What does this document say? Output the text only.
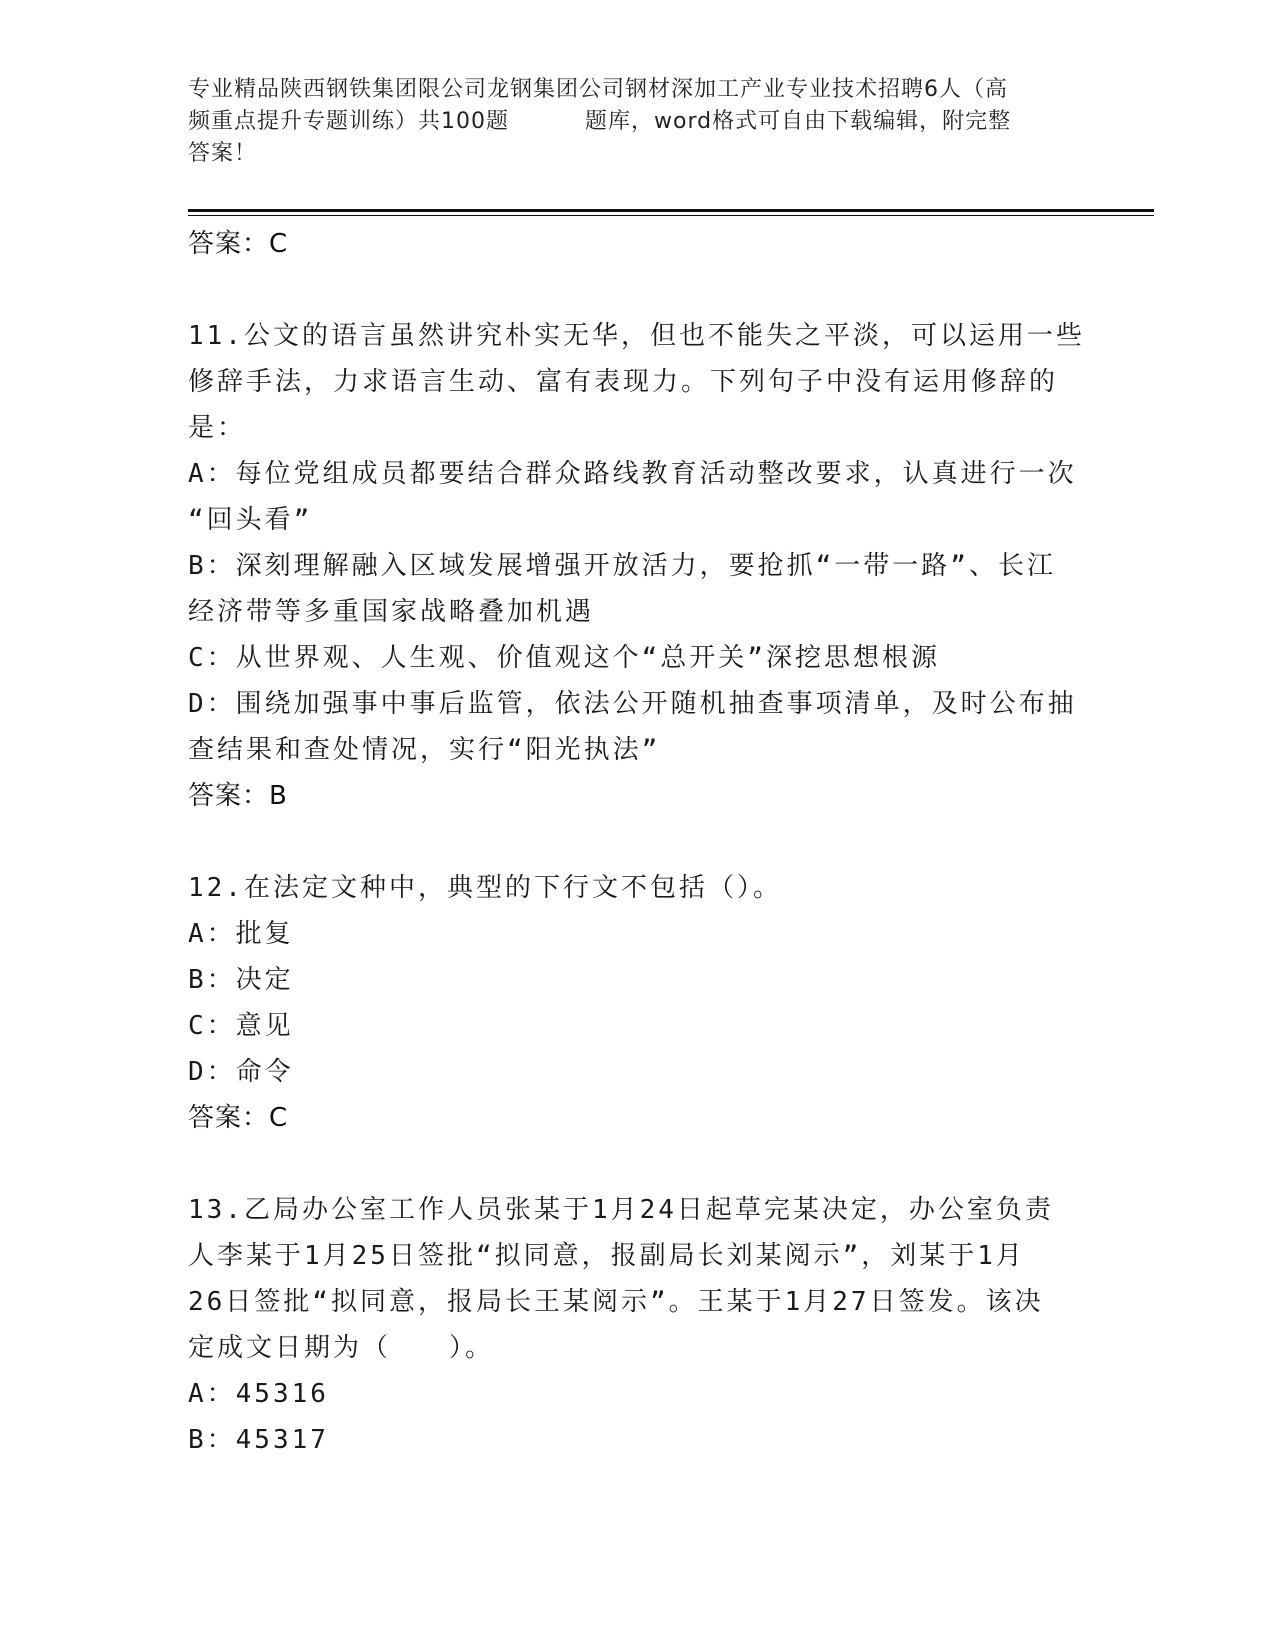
专业精品陕西钢铁集团限公司龙钢集团公司钢材深加工产业专业技术招聘6人（高
频重点提升专题训练）共100题	题库，word格式可自由下载编辑，附完整
答案！
答案：C
11.公文的语言虽然讲究朴实无华，但也不能失之平淡，可以运用一些
修辞手法，力求语言生动、富有表现力。下列句子中没有运用修辞的
是：
A：每位党组成员都要结合群众路线教育活动整改要求，认真进行一次
“回头看”
B：深刻理解融入区域发展增强开放活力，要抢抓“一带一路”、长江
经济带等多重国家战略叠加机遇
C：从世界观、人生观、价值观这个“总开关”深挖思想根源
D：围绕加强事中事后监管，依法公开随机抽查事项清单，及时公布抽
查结果和查处情况，实行“阳光执法”
答案：B
12.在法定文种中，典型的下行文不包括（）。
A：批复
B：决定
C：意见
D：命令
答案：C
13.乙局办公室工作人员张某于1月24日起草完某决定，办公室负责
人李某于1月25日签批“拟同意，报副局长刘某阅示”，刘某于1月
26日签批“拟同意，报局长王某阅示”。王某于1月27日签发。该决
定成文日期为（　　）。
A：45316
B：45317
